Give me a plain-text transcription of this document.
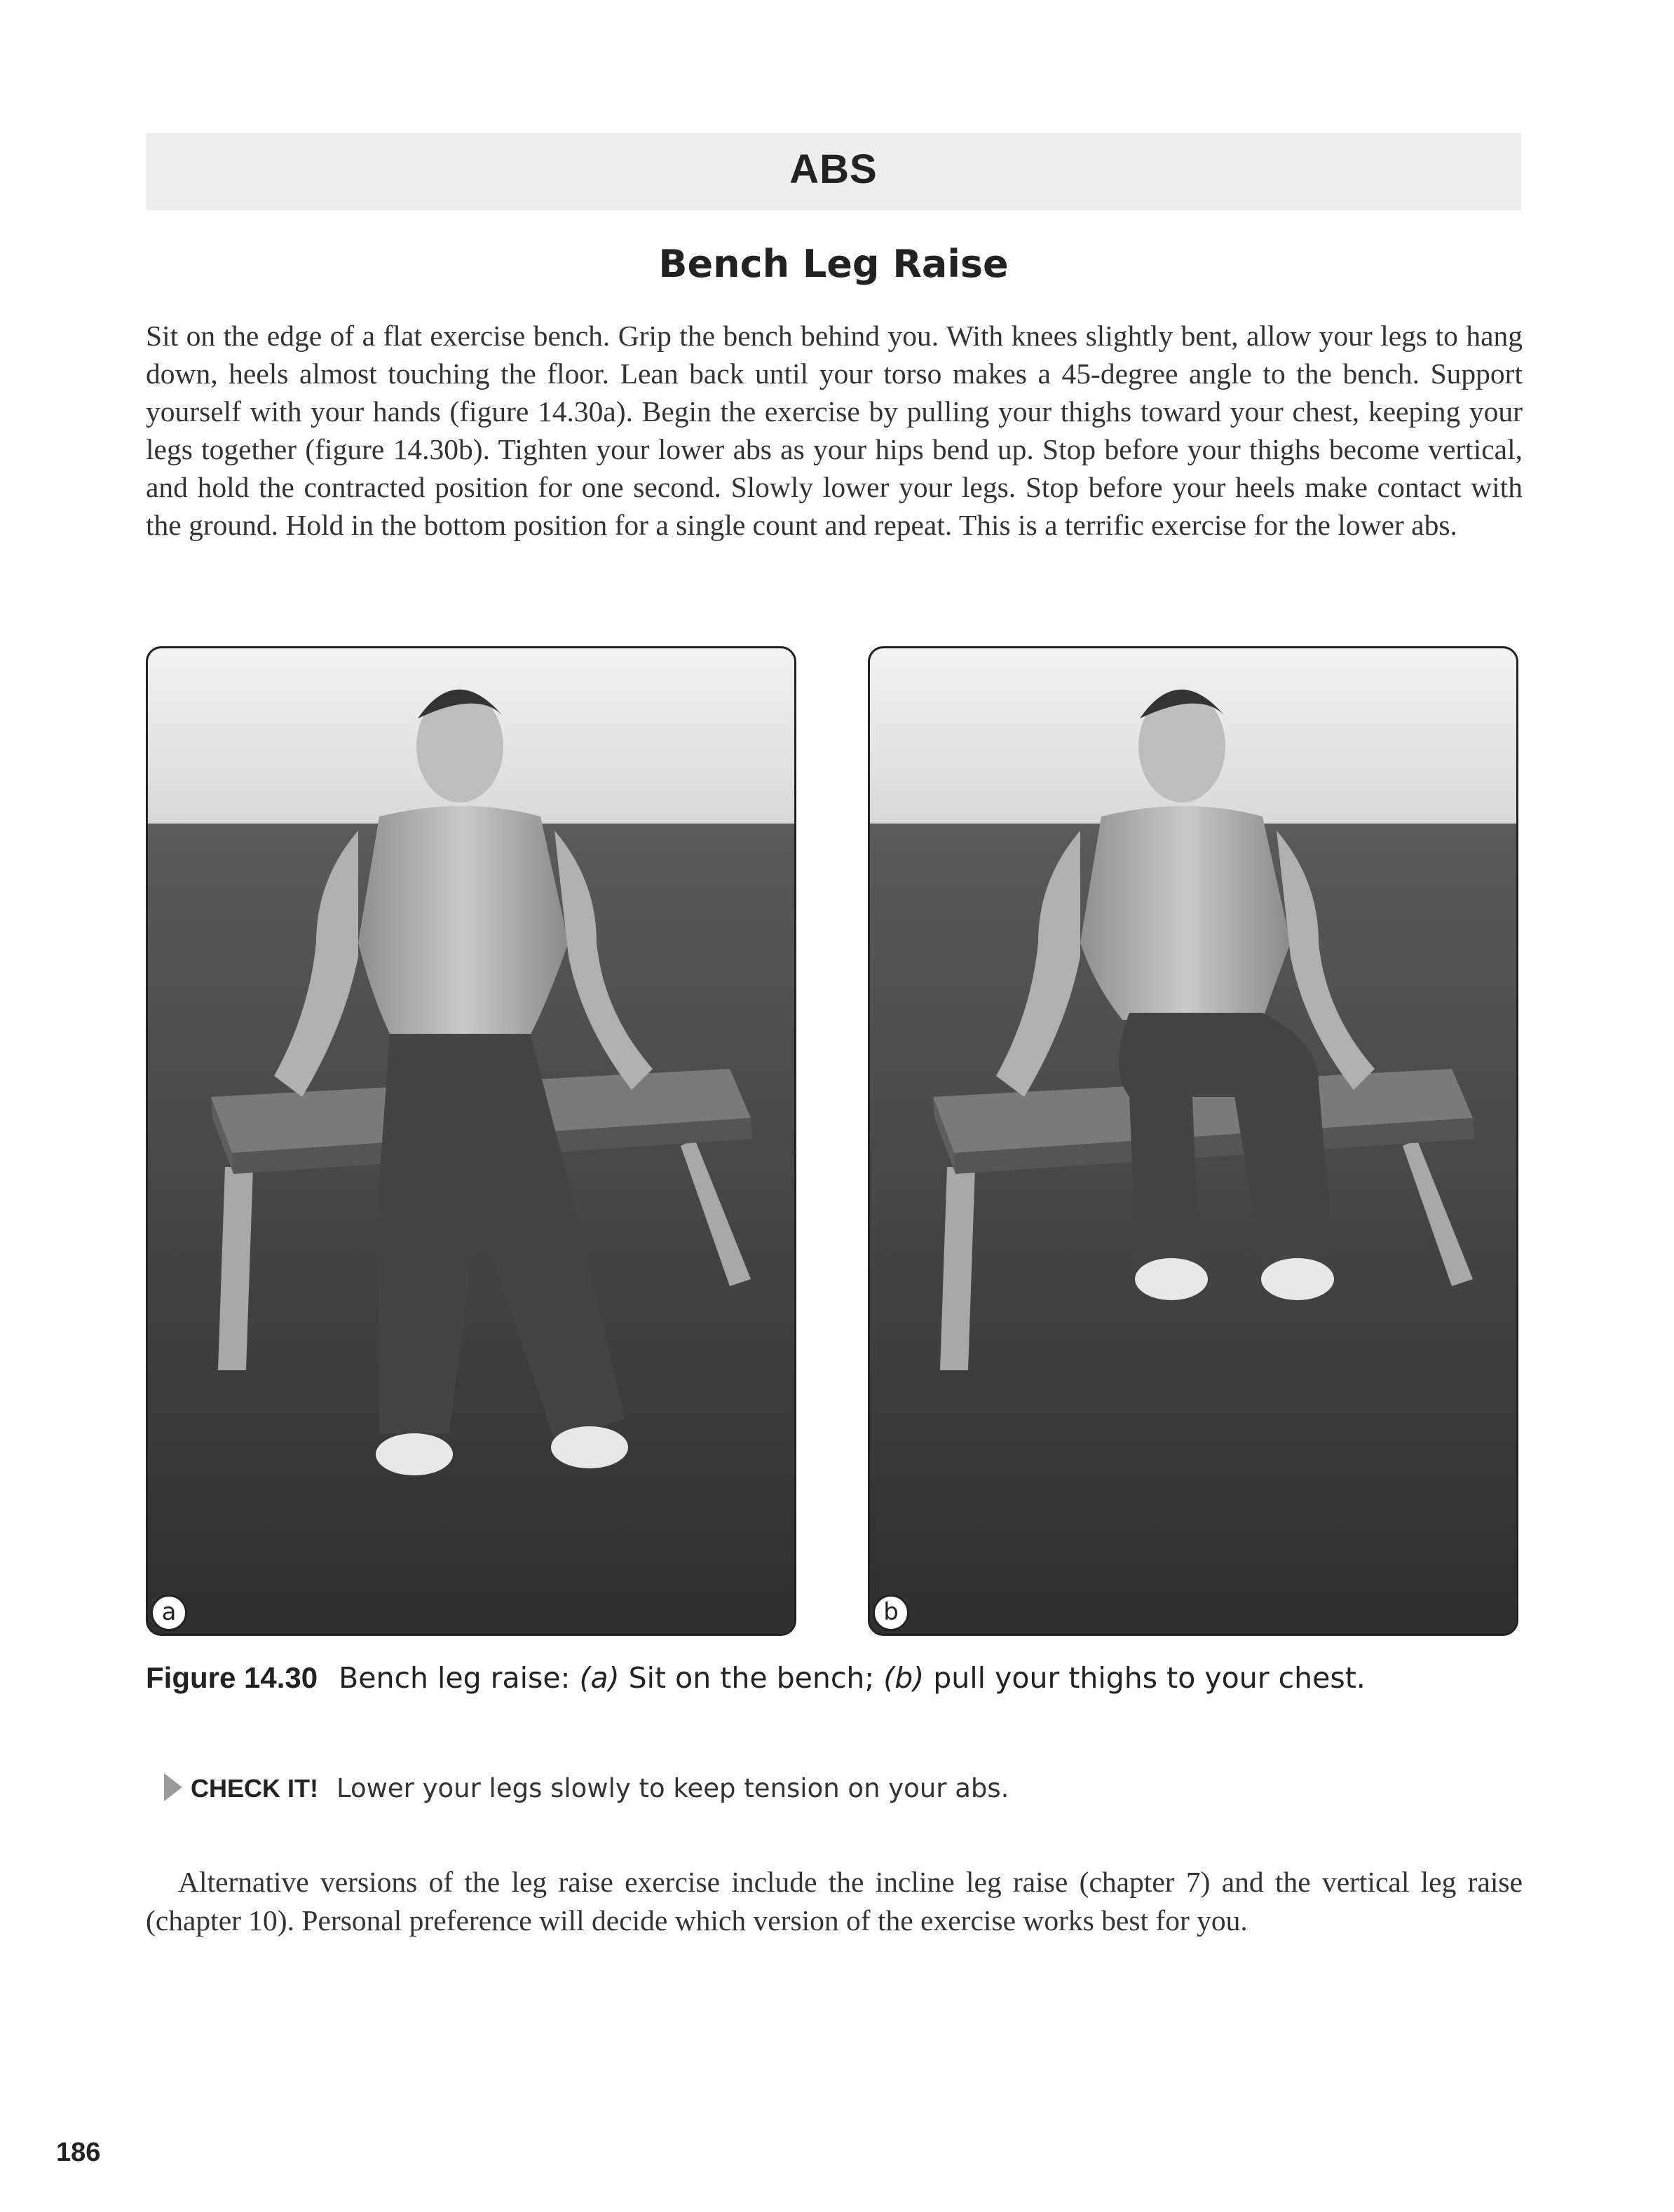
ABS
Bench Leg Raise

Sit on the edge of a flat exercise bench. Grip the bench behind you. With knees slightly bent, allow your legs to hang down, heels almost touching the floor. Lean back until your torso makes a 45-degree angle to the bench. Support yourself with your hands (figure 14.30a). Begin the exercise by pulling your thighs toward your chest, keeping your legs together (figure 14.30b). Tighten your lower abs as your hips bend up. Stop before your thighs become vertical, and hold the contracted position for one second. Slowly lower your legs. Stop before your heels make contact with the ground. Hold in the bottom position for a single count and repeat. This is a terrific exercise for the lower abs.

a	b
Figure 14.30 Bench leg raise: (a) Sit on the bench; (b) pull your thighs to your chest.
CHECK IT! Lower your legs slowly to keep tension on your abs.

Alternative versions of the leg raise exercise include the incline leg raise (chapter 7) and the vertical leg raise (chapter 10). Personal preference will decide which version of the exercise works best for you.

186
